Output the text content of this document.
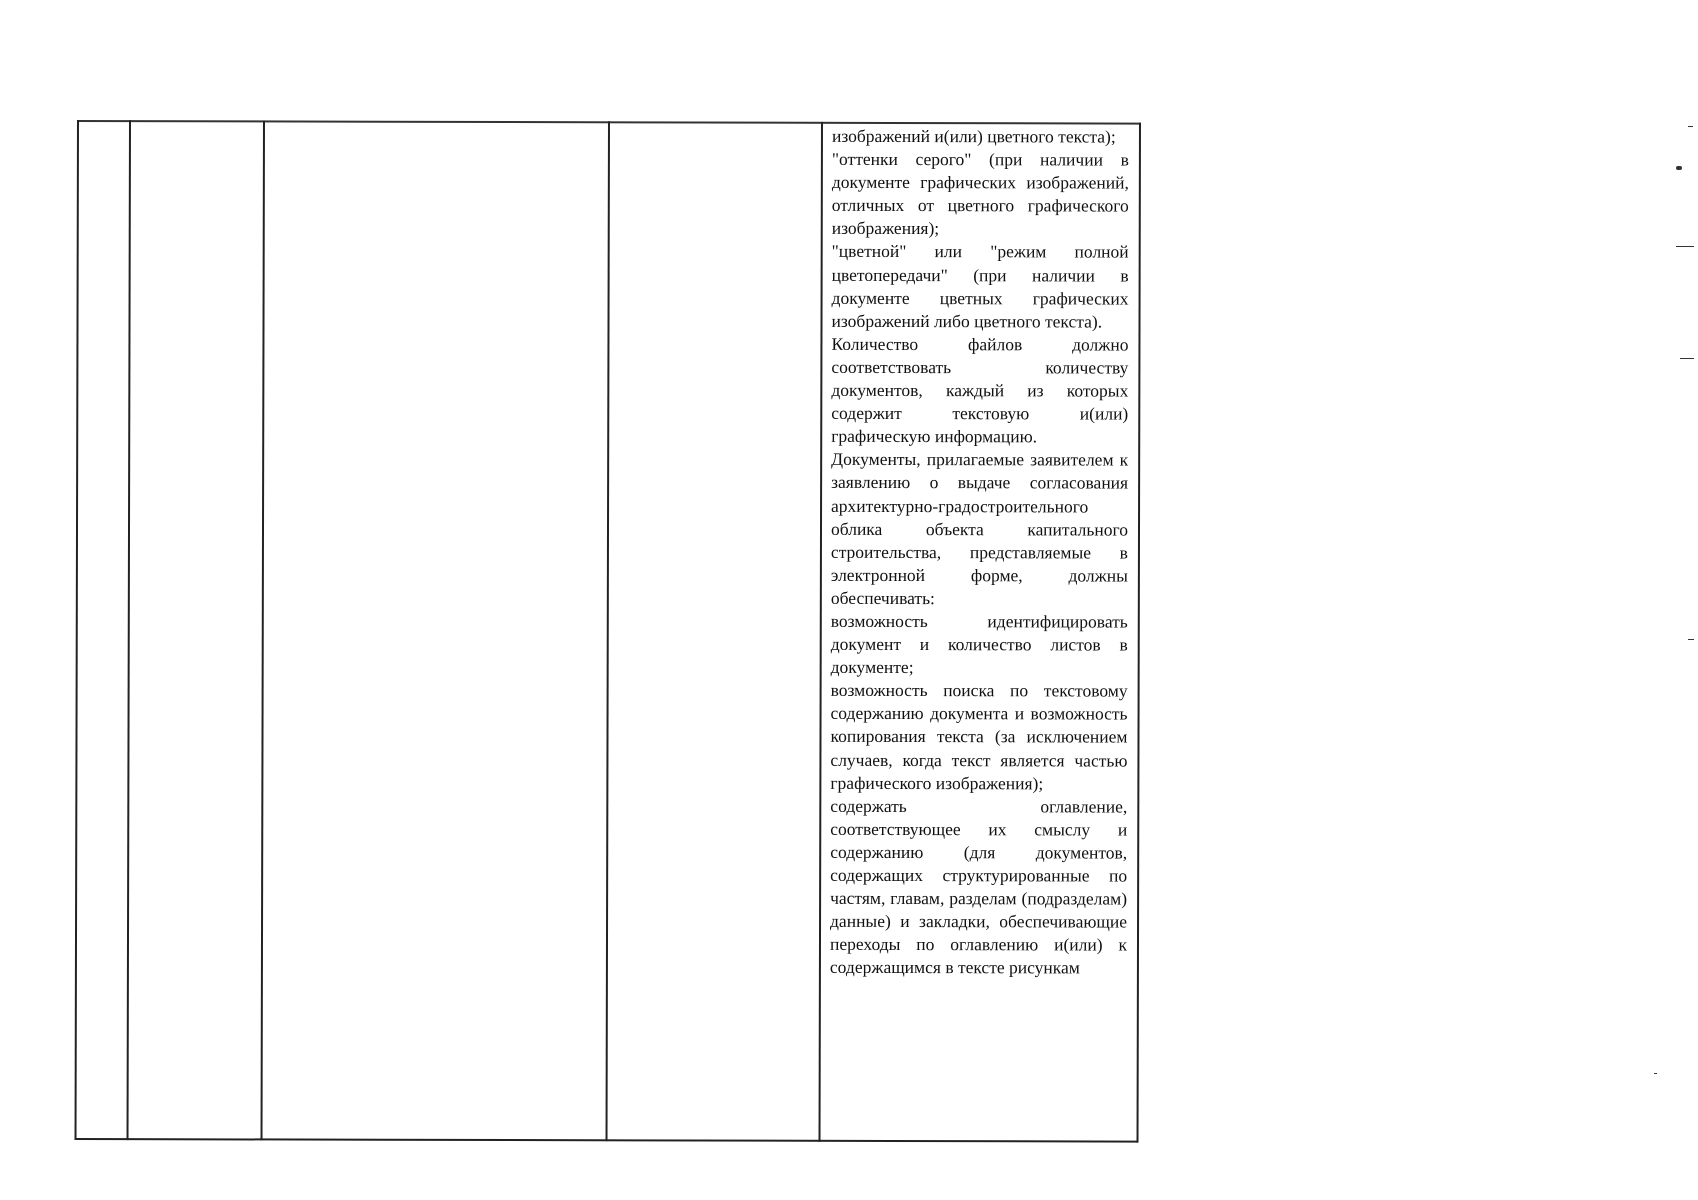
изображений и(или) цветного текста);

"оттенки серого" (при наличии в документе графических изображений, отличных от цветного графического изображения);

"цветной" или "режим полной цветопередачи" (при наличии в документе цветных графических изображений либо цветного текста).

Количество файлов должно соответствовать количеству документов, каждый из которых содержит текстовую и(или) графическую информацию.

Документы, прилагаемые заявителем к заявлению о выдаче согласования архитектурно-градостроительного облика объекта капитального строительства, представляемые в электронной форме, должны обеспечивать:

возможность идентифицировать документ и количество листов в документе;

возможность поиска по текстовому содержанию документа и возможность копирования текста (за исключением случаев, когда текст является частью графического изображения);

содержать оглавление, соответствующее их смыслу и содержанию (для документов, содержащих структурированные по частям, главам, разделам (подразделам) данные) и закладки, обеспечивающие переходы по оглавлению и(или) к содержащимся в тексте рисункам
